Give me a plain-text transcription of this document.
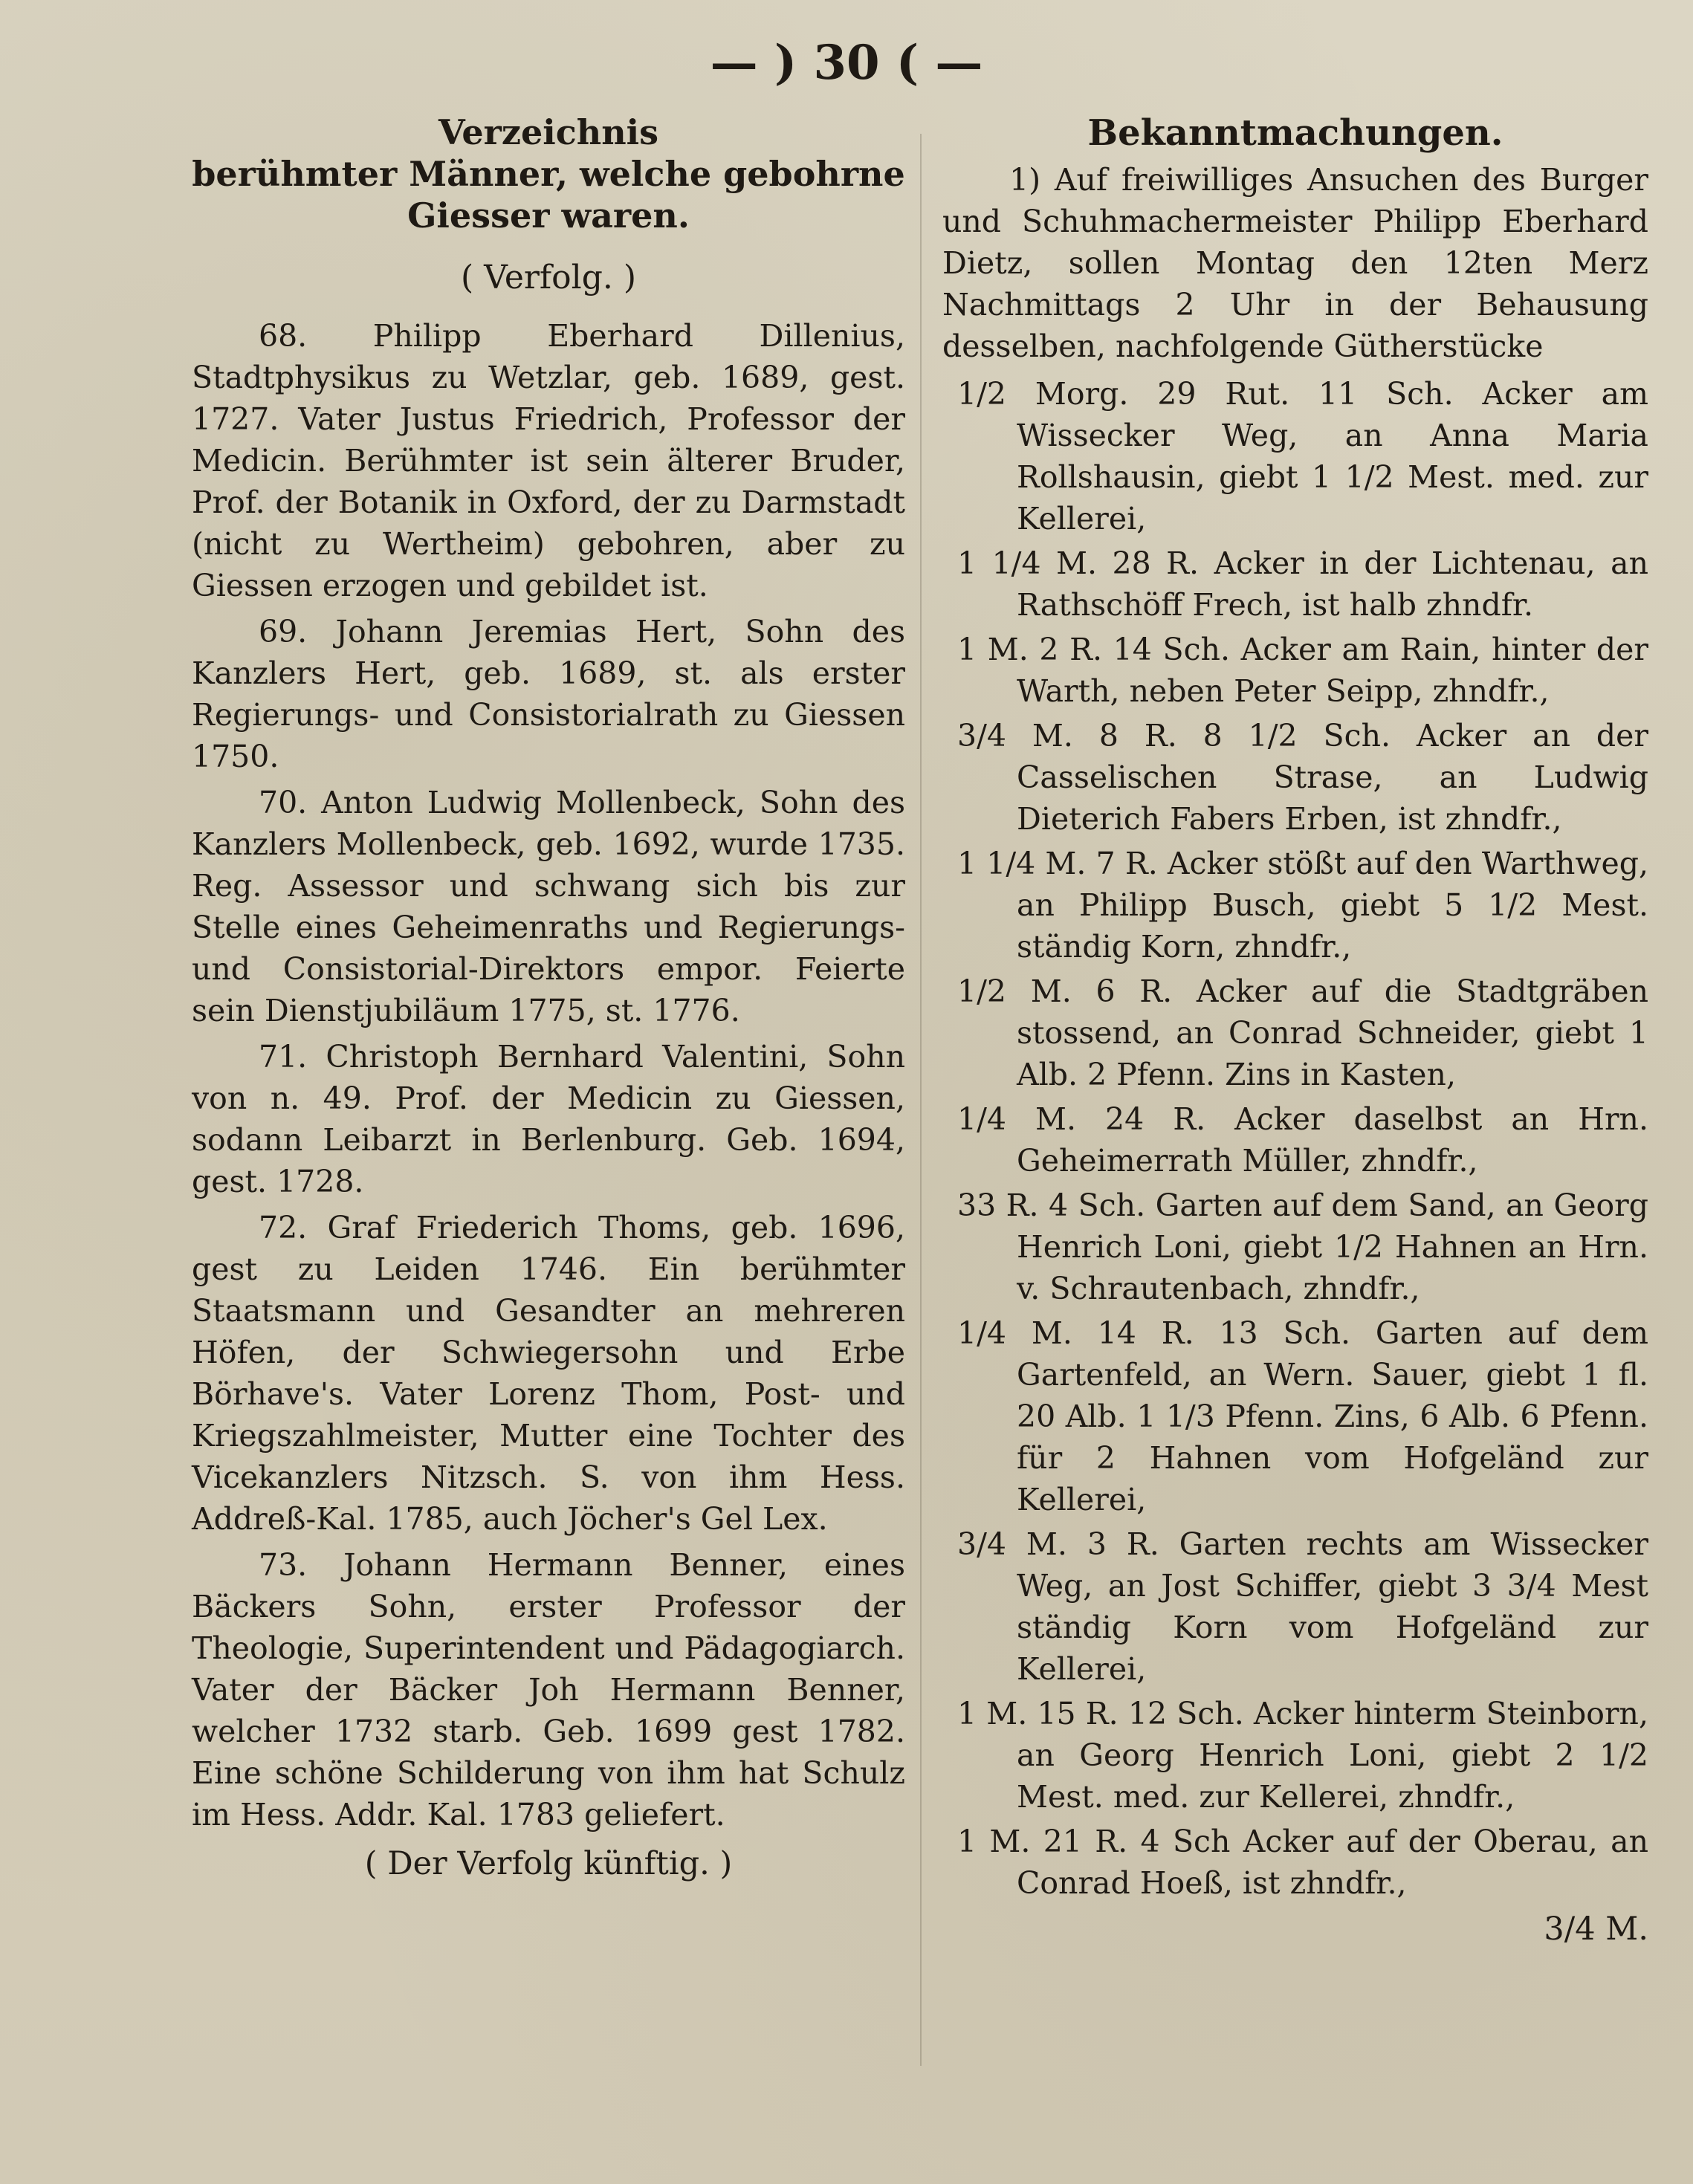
— ) 30 ( —
Verzeichnis
berühmter Männer, welche gebohrne Giesser waren.

( Verfolg. )

68. Philipp Eberhard Dillenius, Stadtphysikus zu Wetzlar, geb. 1689, gest. 1727. Vater Justus Friedrich, Professor der Medicin. Berühmter ist sein älterer Bruder, Prof. der Botanik in Oxford, der zu Darmstadt (nicht zu Wertheim) gebohren, aber zu Giessen erzogen und gebildet ist.

69. Johann Jeremias Hert, Sohn des Kanzlers Hert, geb. 1689, st. als erster Regierungs- und Consistorialrath zu Giessen 1750.

70. Anton Ludwig Mollenbeck, Sohn des Kanzlers Mollenbeck, geb. 1692, wurde 1735. Reg. Assessor und schwang sich bis zur Stelle eines Geheimenraths und Regierungs- und Consistorial-Direktors empor. Feierte sein Dienstjubiläum 1775, st. 1776.

71. Christoph Bernhard Valentini, Sohn von n. 49. Prof. der Medicin zu Giessen, sodann Leibarzt in Berlenburg. Geb. 1694, gest. 1728.

72. Graf Friederich Thoms, geb. 1696, gest zu Leiden 1746. Ein berühmter Staatsmann und Gesandter an mehreren Höfen, der Schwiegersohn und Erbe Börhave's. Vater Lorenz Thom, Post- und Kriegszahlmeister, Mutter eine Tochter des Vicekanzlers Nitzsch. S. von ihm Hess. Addreß-Kal. 1785, auch Jöcher's Gel Lex.

73. Johann Hermann Benner, eines Bäckers Sohn, erster Professor der Theologie, Superintendent und Pädagogiarch. Vater der Bäcker Joh Hermann Benner, welcher 1732 starb. Geb. 1699 gest 1782. Eine schöne Schilderung von ihm hat Schulz im Hess. Addr. Kal. 1783 geliefert.

( Der Verfolg künftig. )

Bekanntmachungen.

1) Auf freiwilliges Ansuchen des Burger und Schuhmachermeister Philipp Eberhard Dietz, sollen Montag den 12ten Merz Nachmittags 2 Uhr in der Behausung desselben, nachfolgende Gütherstücke

1/2 Morg. 29 Rut. 11 Sch. Acker am Wissecker Weg, an Anna Maria Rollshausin, giebt 1 1/2 Mest. med. zur Kellerei,

1 1/4 M. 28 R. Acker in der Lichtenau, an Rathschöff Frech, ist halb zhndfr.

1 M. 2 R. 14 Sch. Acker am Rain, hinter der Warth, neben Peter Seipp, zhndfr.,

3/4 M. 8 R. 8 1/2 Sch. Acker an der Casselischen Strase, an Ludwig Dieterich Fabers Erben, ist zhndfr.,

1 1/4 M. 7 R. Acker stößt auf den Warthweg, an Philipp Busch, giebt 5 1/2 Mest. ständig Korn, zhndfr.,

1/2 M. 6 R. Acker auf die Stadtgräben stossend, an Conrad Schneider, giebt 1 Alb. 2 Pfenn. Zins in Kasten,

1/4 M. 24 R. Acker daselbst an Hrn. Geheimerrath Müller, zhndfr.,

33 R. 4 Sch. Garten auf dem Sand, an Georg Henrich Loni, giebt 1/2 Hahnen an Hrn. v. Schrautenbach, zhndfr.,

1/4 M. 14 R. 13 Sch. Garten auf dem Gartenfeld, an Wern. Sauer, giebt 1 fl. 20 Alb. 1 1/3 Pfenn. Zins, 6 Alb. 6 Pfenn. für 2 Hahnen vom Hofgeländ zur Kellerei,

3/4 M. 3 R. Garten rechts am Wissecker Weg, an Jost Schiffer, giebt 3 3/4 Mest ständig Korn vom Hofgeländ zur Kellerei,

1 M. 15 R. 12 Sch. Acker hinterm Steinborn, an Georg Henrich Loni, giebt 2 1/2 Mest. med. zur Kellerei, zhndfr.,

1 M. 21 R. 4 Sch Acker auf der Oberau, an Conrad Hoeß, ist zhndfr.,

3/4 M.
